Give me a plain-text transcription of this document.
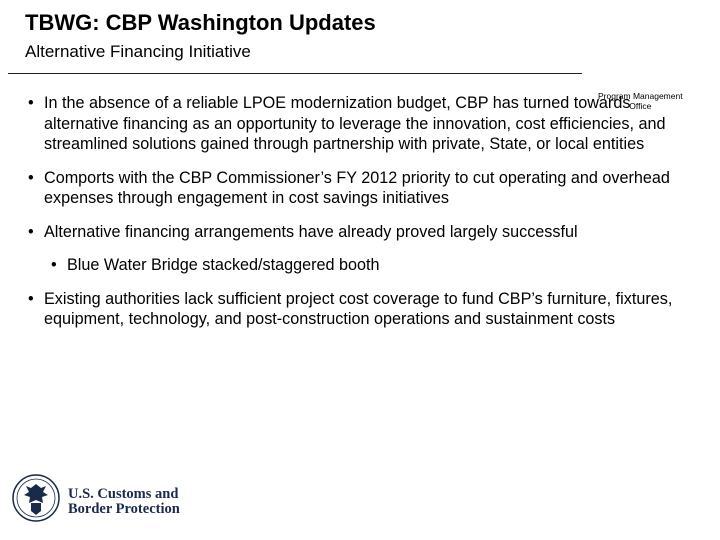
TBWG: CBP Washington Updates
Alternative Financing Initiative
Program Management
Office
• In the absence of a reliable LPOE modernization budget, CBP has turned towards alternative financing as an opportunity to leverage the innovation, cost efficiencies, and streamlined solutions gained through partnership with private, State, or local entities
• Comports with the CBP Commissioner’s FY 2012 priority to cut operating and overhead expenses through engagement in cost savings initiatives
• Alternative financing arrangements have already proved largely successful
• Blue Water Bridge stacked/staggered booth
• Existing authorities lack sufficient project cost coverage to fund CBP’s furniture, fixtures, equipment, technology, and post-construction operations and sustainment costs
U.S. Customs and
Border Protection
